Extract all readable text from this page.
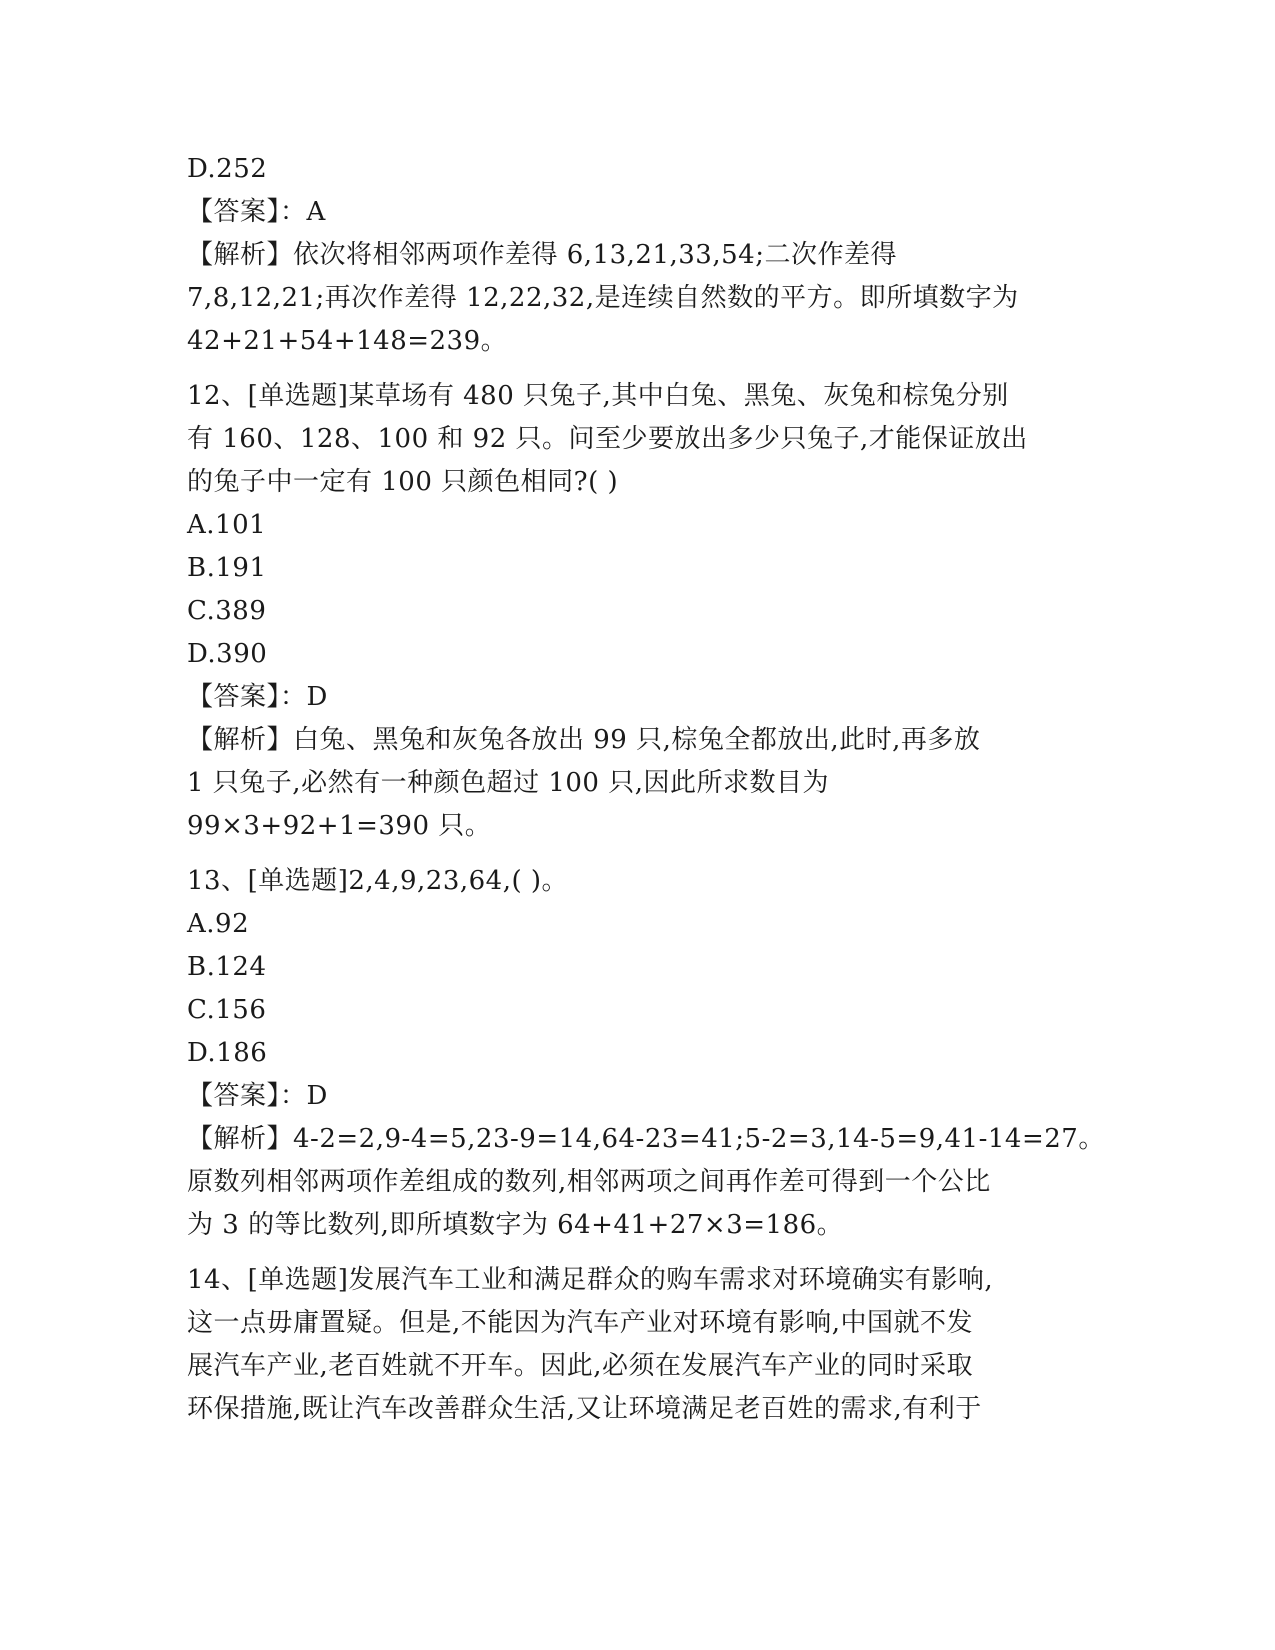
D.252
【答案】：A
【解析】依次将相邻两项作差得 6,13,21,33,54;二次作差得
7,8,12,21;再次作差得 12,22,32,是连续自然数的平方。即所填数字为
42+21+54+148=239。
12、[单选题]某草场有 480 只兔子,其中白兔、黑兔、灰兔和棕兔分别
有 160、128、100 和 92 只。问至少要放出多少只兔子,才能保证放出
的兔子中一定有 100 只颜色相同?( )
A.101
B.191
C.389
D.390
【答案】：D
【解析】白兔、黑兔和灰兔各放出 99 只,棕兔全都放出,此时,再多放
1 只兔子,必然有一种颜色超过 100 只,因此所求数目为
99×3+92+1=390 只。
13、[单选题]2,4,9,23,64,( )。
A.92
B.124
C.156
D.186
【答案】：D
【解析】4-2=2,9-4=5,23-9=14,64-23=41;5-2=3,14-5=9,41-14=27。
原数列相邻两项作差组成的数列,相邻两项之间再作差可得到一个公比
为 3 的等比数列,即所填数字为 64+41+27×3=186。
14、[单选题]发展汽车工业和满足群众的购车需求对环境确实有影响,
这一点毋庸置疑。但是,不能因为汽车产业对环境有影响,中国就不发
展汽车产业,老百姓就不开车。因此,必须在发展汽车产业的同时采取
环保措施,既让汽车改善群众生活,又让环境满足老百姓的需求,有利于
